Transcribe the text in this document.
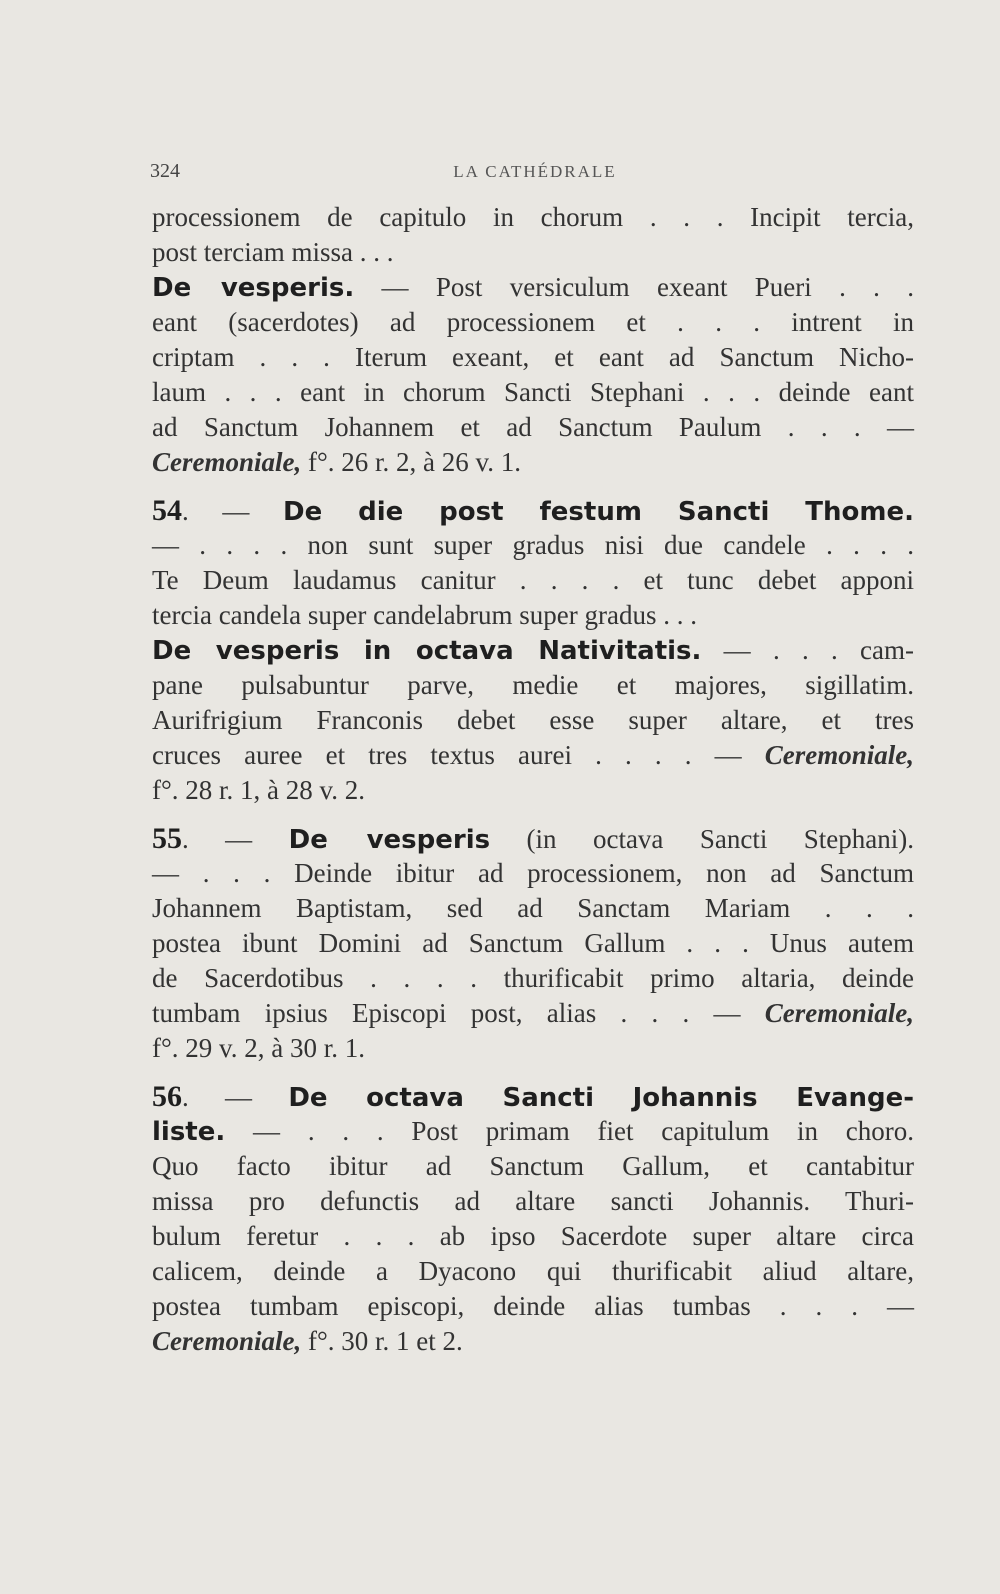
324	LA CATHÉDRALE

processionem de capitulo in chorum . . . Incipit tercia,

post terciam missa . . .

De vesperis. — Post versiculum exeant Pueri . . .

eant (sacerdotes) ad processionem et . . . intrent in

criptam . . . Iterum exeant, et eant ad Sanctum Nicho-

laum . . . eant in chorum Sancti Stephani . . . deinde eant

ad Sanctum Johannem et ad Sanctum Paulum . . . —

Ceremoniale, f°. 26 r. 2, à 26 v. 1.

54. — De die post festum Sancti Thome.

— . . . . non sunt super gradus nisi due candele . . . .

Te Deum laudamus canitur . . . . et tunc debet apponi

tercia candela super candelabrum super gradus . . .

De vesperis in octava Nativitatis. — . . . cam-

pane pulsabuntur parve, medie et majores, sigillatim.

Aurifrigium Franconis debet esse super altare, et tres

cruces auree et tres textus aurei . . . . — Ceremoniale,

f°. 28 r. 1, à 28 v. 2.

55. — De vesperis (in octava Sancti Stephani).

— . . . Deinde ibitur ad processionem, non ad Sanctum

Johannem Baptistam, sed ad Sanctam Mariam . . .

postea ibunt Domini ad Sanctum Gallum . . . Unus autem

de Sacerdotibus . . . . thurificabit primo altaria, deinde

tumbam ipsius Episcopi post, alias . . . — Ceremoniale,

f°. 29 v. 2, à 30 r. 1.

56. — De octava Sancti Johannis Evange-

liste. — . . . Post primam fiet capitulum in choro.

Quo facto ibitur ad Sanctum Gallum, et cantabitur

missa pro defunctis ad altare sancti Johannis. Thuri-

bulum feretur . . . ab ipso Sacerdote super altare circa

calicem, deinde a Dyacono qui thurificabit aliud altare,

postea tumbam episcopi, deinde alias tumbas . . . —

Ceremoniale, f°. 30 r. 1 et 2.
